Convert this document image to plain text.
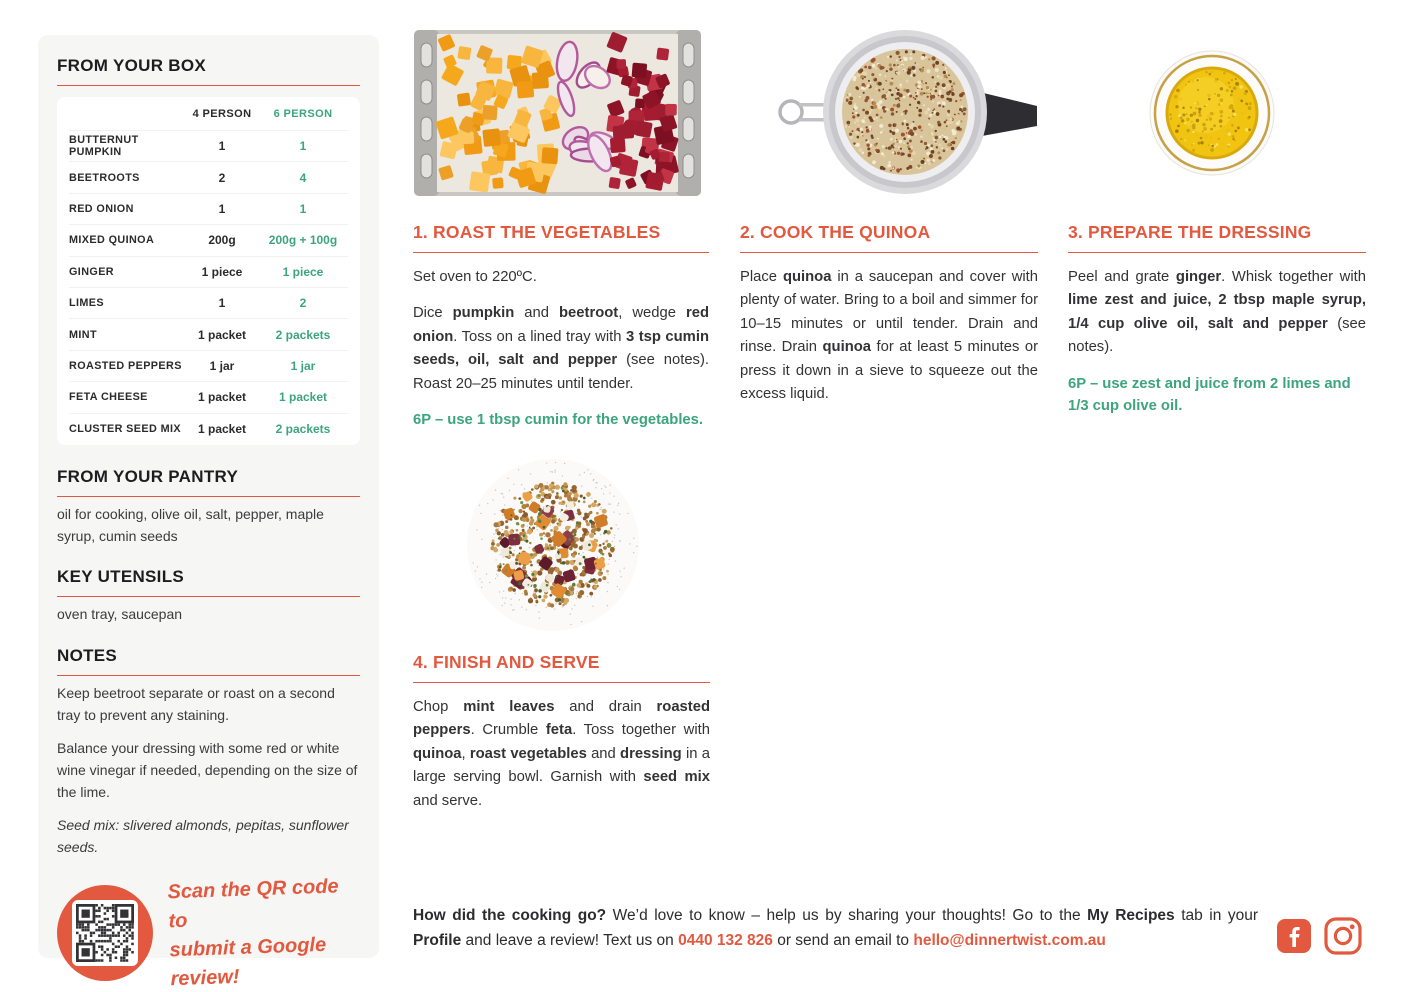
FROM YOUR BOX
4 PERSON	6 PERSON
BUTTERNUT PUMPKIN	1	1
BEETROOTS	2	4
RED ONION	1	1
MIXED QUINOA	200g	200g + 100g
GINGER	1 piece	1 piece
LIMES	1	2
MINT	1 packet	2 packets
ROASTED PEPPERS	1 jar	1 jar
FETA CHEESE	1 packet	1 packet
CLUSTER SEED MIX	1 packet	2 packets
FROM YOUR PANTRY

oil for cooking, olive oil, salt, pepper, maple syrup, cumin seeds

KEY UTENSILS

oven tray, saucepan

NOTES

Keep beetroot separate or roast on a second tray to prevent any staining.

Balance your dressing with some red or white wine vinegar if needed, depending on the size of the lime.

Seed mix: slivered almonds, pepitas, sunflower seeds.

Scan the QR code to
submit a Google review!
1. ROAST THE VEGETABLES

Set oven to 220ºC.

Dice pumpkin and beetroot, wedge red onion. Toss on a lined tray with 3 tsp cumin seeds, oil, salt and pepper (see notes). Roast 20–25 minutes until tender.

6P – use 1 tbsp cumin for the vegetables.

2. COOK THE QUINOA

Place quinoa in a saucepan and cover with plenty of water. Bring to a boil and simmer for 10–15 minutes or until tender. Drain and rinse. Drain quinoa for at least 5 minutes or press it down in a sieve to squeeze out the excess liquid.

3. PREPARE THE DRESSING

Peel and grate ginger. Whisk together with lime zest and juice, 2 tbsp maple syrup, 1/4 cup olive oil, salt and pepper (see notes).

6P – use zest and juice from 2 limes and 1/3 cup olive oil.

4. FINISH AND SERVE

Chop mint leaves and drain roasted peppers. Crumble feta. Toss together with quinoa, roast vegetables and dressing in a large serving bowl. Garnish with seed mix and serve.

How did the cooking go? We’d love to know – help us by sharing your thoughts! Go to the My Recipes tab in your Profile and leave a review! Text us on 0440 132 826 or send an email to hello@dinnertwist.com.au
